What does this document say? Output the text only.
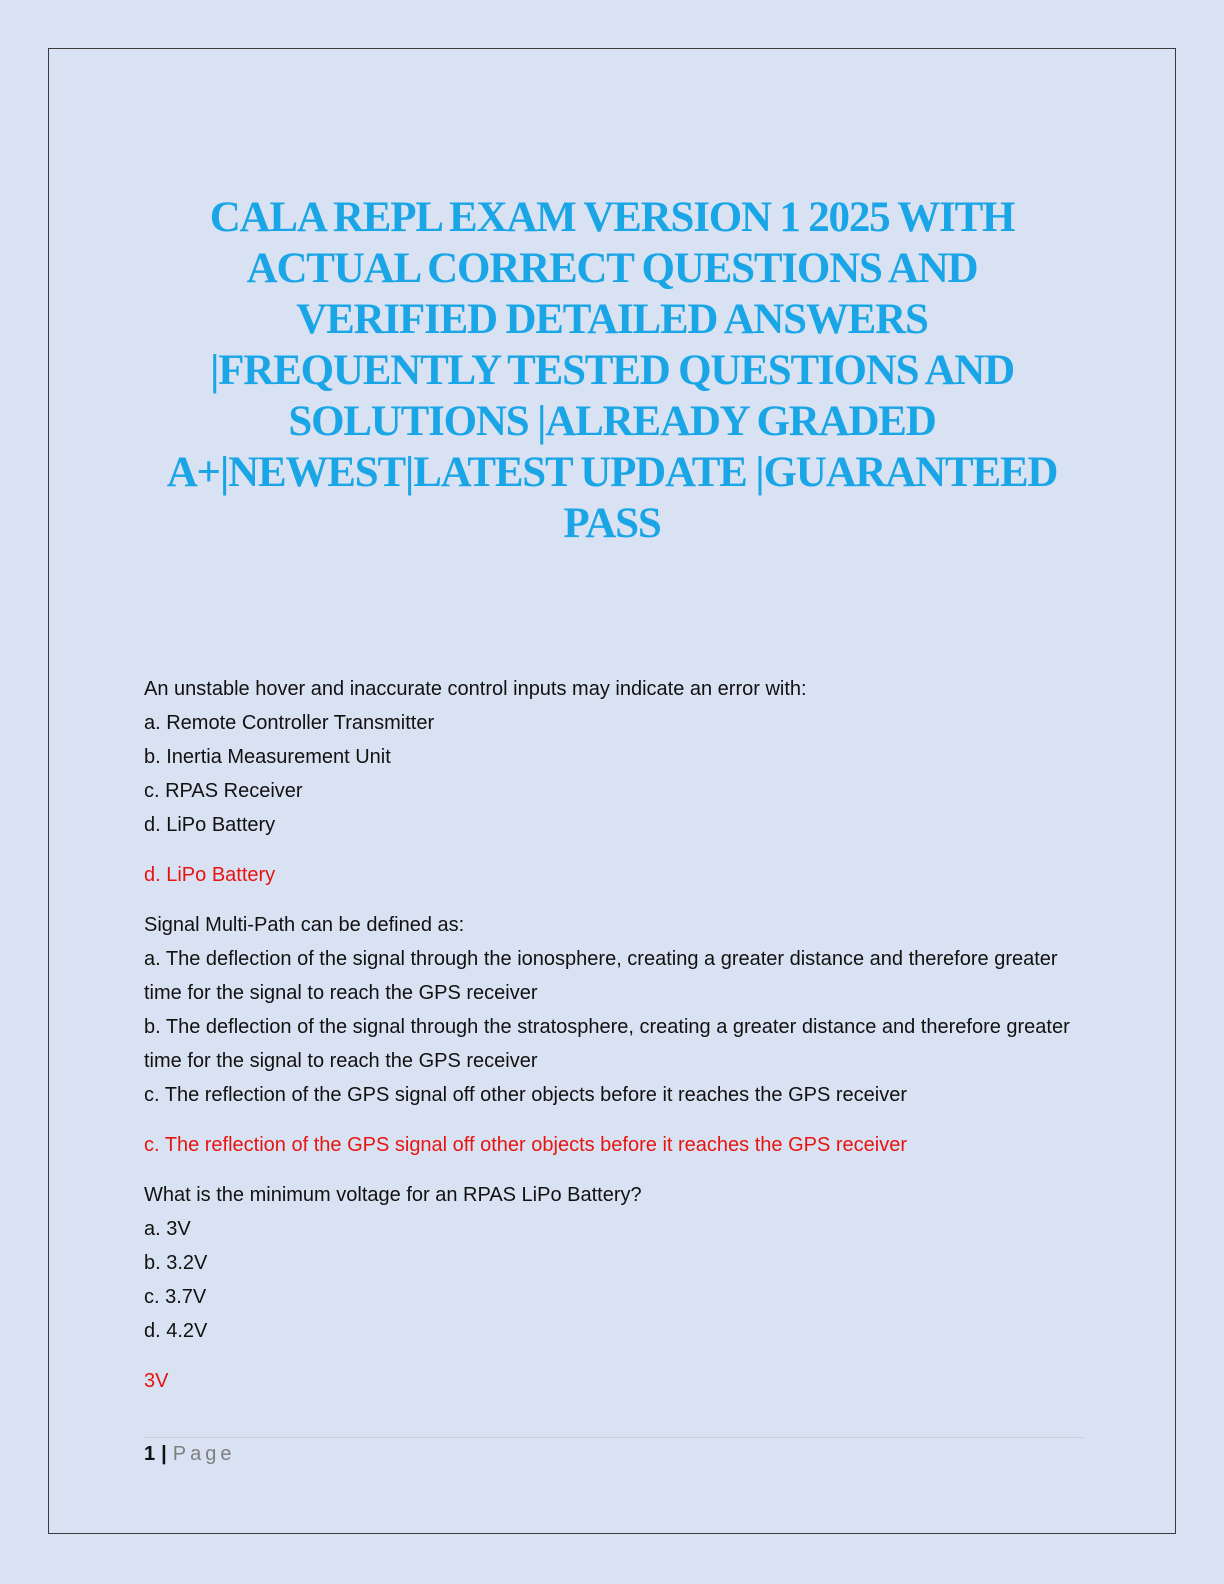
CALA REPL EXAM VERSION 1 2025 WITH
ACTUAL CORRECT QUESTIONS AND
VERIFIED DETAILED ANSWERS
|FREQUENTLY TESTED QUESTIONS AND
SOLUTIONS |ALREADY GRADED
A+|NEWEST|LATEST UPDATE |GUARANTEED
PASS

An unstable hover and inaccurate control inputs may indicate an error with:

a. Remote Controller Transmitter

b. Inertia Measurement Unit

c. RPAS Receiver

d. LiPo Battery

d. LiPo Battery

Signal Multi-Path can be defined as:

a. The deflection of the signal through the ionosphere, creating a greater distance and therefore greater time for the signal to reach the GPS receiver

b. The deflection of the signal through the stratosphere, creating a greater distance and therefore greater time for the signal to reach the GPS receiver

c. The reflection of the GPS signal off other objects before it reaches the GPS receiver

c. The reflection of the GPS signal off other objects before it reaches the GPS receiver

What is the minimum voltage for an RPAS LiPo Battery?

a. 3V

b. 3.2V

c. 3.7V

d. 4.2V

3V

1 | Page
